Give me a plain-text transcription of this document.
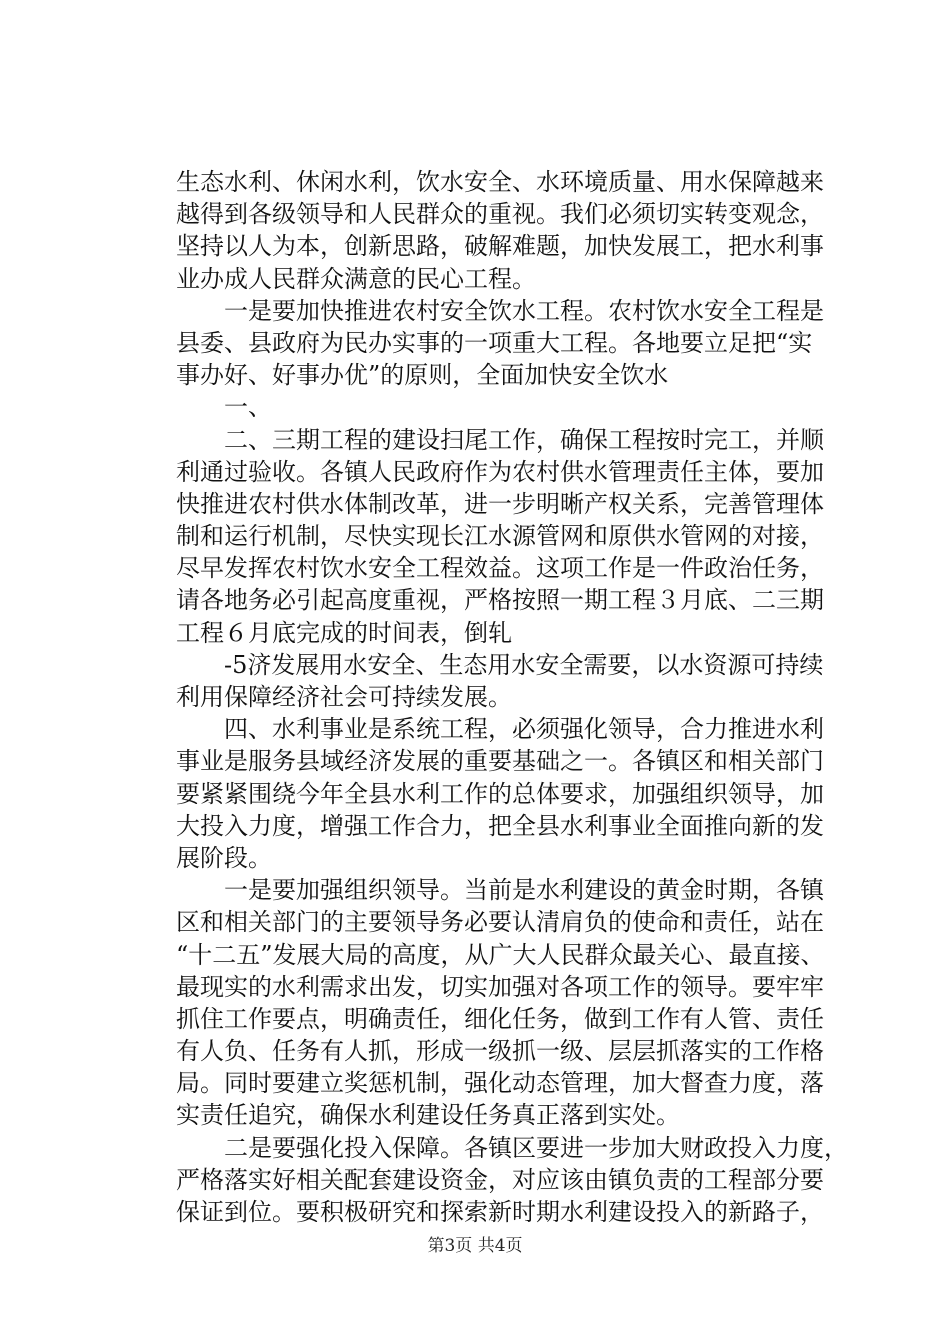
生态水利、休闲水利，饮水安全、水环境质量、用水保障越来
越得到各级领导和人民群众的重视。我们必须切实转变观念，
坚持以人为本，创新思路，破解难题，加快发展工，把水利事
业办成人民群众满意的民心工程。
　　一是要加快推进农村安全饮水工程。农村饮水安全工程是
县委、县政府为民办实事的一项重大工程。各地要立足把“实
事办好、好事办优”的原则，全面加快安全饮水
　　一、
　　二、三期工程的建设扫尾工作，确保工程按时完工，并顺
利通过验收。各镇人民政府作为农村供水管理责任主体，要加
快推进农村供水体制改革，进一步明晰产权关系，完善管理体
制和运行机制，尽快实现长江水源管网和原供水管网的对接，
尽早发挥农村饮水安全工程效益。这项工作是一件政治任务，
请各地务必引起高度重视，严格按照一期工程３月底、二三期
工程６月底完成的时间表，倒轧
　　-5济发展用水安全、生态用水安全需要，以水资源可持续
利用保障经济社会可持续发展。
　　四、水利事业是系统工程，必须强化领导，合力推进水利
事业是服务县域经济发展的重要基础之一。各镇区和相关部门
要紧紧围绕今年全县水利工作的总体要求，加强组织领导，加
大投入力度，增强工作合力，把全县水利事业全面推向新的发
展阶段。
　　一是要加强组织领导。当前是水利建设的黄金时期，各镇
区和相关部门的主要领导务必要认清肩负的使命和责任，站在
“十二五”发展大局的高度，从广大人民群众最关心、最直接、
最现实的水利需求出发，切实加强对各项工作的领导。要牢牢
抓住工作要点，明确责任，细化任务，做到工作有人管、责任
有人负、任务有人抓，形成一级抓一级、层层抓落实的工作格
局。同时要建立奖惩机制，强化动态管理，加大督查力度，落
实责任追究，确保水利建设任务真正落到实处。
　　二是要强化投入保障。各镇区要进一步加大财政投入力度，
严格落实好相关配套建设资金，对应该由镇负责的工程部分要
保证到位。要积极研究和探索新时期水利建设投入的新路子，
第3页 共4页
